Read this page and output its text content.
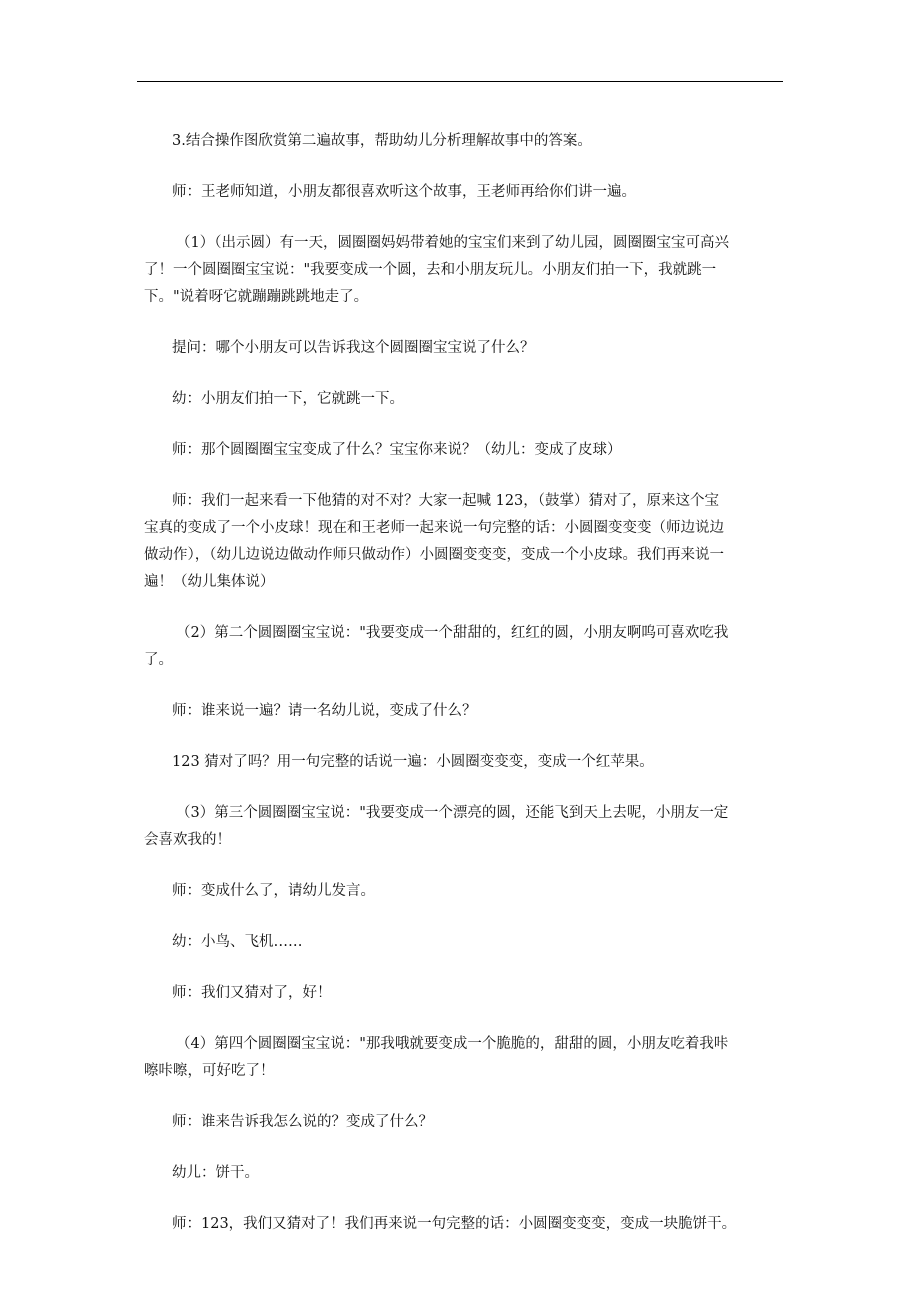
3.结合操作图欣赏第二遍故事，帮助幼儿分析理解故事中的答案。
师：王老师知道，小朋友都很喜欢听这个故事，王老师再给你们讲一遍。
（1）（出示圆）有一天，圆圈圈妈妈带着她的宝宝们来到了幼儿园，圆圈圈宝宝可高兴
了！一个圆圈圈宝宝说："我要变成一个圆，去和小朋友玩儿。小朋友们拍一下，我就跳一
下。"说着呀它就蹦蹦跳跳地走了。
提问：哪个小朋友可以告诉我这个圆圈圈宝宝说了什么？
幼：小朋友们拍一下，它就跳一下。
师：那个圆圈圈宝宝变成了什么？宝宝你来说？（幼儿：变成了皮球）
师：我们一起来看一下他猜的对不对？大家一起喊 123，（鼓掌）猜对了，原来这个宝
宝真的变成了一个小皮球！现在和王老师一起来说一句完整的话：小圆圈变变变（师边说边
做动作），（幼儿边说边做动作师只做动作）小圆圈变变变，变成一个小皮球。我们再来说一
遍！（幼儿集体说）
（2）第二个圆圈圈宝宝说："我要变成一个甜甜的，红红的圆，小朋友啊呜可喜欢吃我
了。
师：谁来说一遍？请一名幼儿说，变成了什么？
123 猜对了吗？用一句完整的话说一遍：小圆圈变变变，变成一个红苹果。
（3）第三个圆圈圈宝宝说："我要变成一个漂亮的圆，还能飞到天上去呢，小朋友一定
会喜欢我的！
师：变成什么了，请幼儿发言。
幼：小鸟、飞机……
师：我们又猜对了，好！
（4）第四个圆圈圈宝宝说："那我哦就要变成一个脆脆的，甜甜的圆，小朋友吃着我咔
嚓咔嚓，可好吃了！
师：谁来告诉我怎么说的？变成了什么？
幼儿：饼干。
师：123，我们又猜对了！我们再来说一句完整的话：小圆圈变变变，变成一块脆饼干。
